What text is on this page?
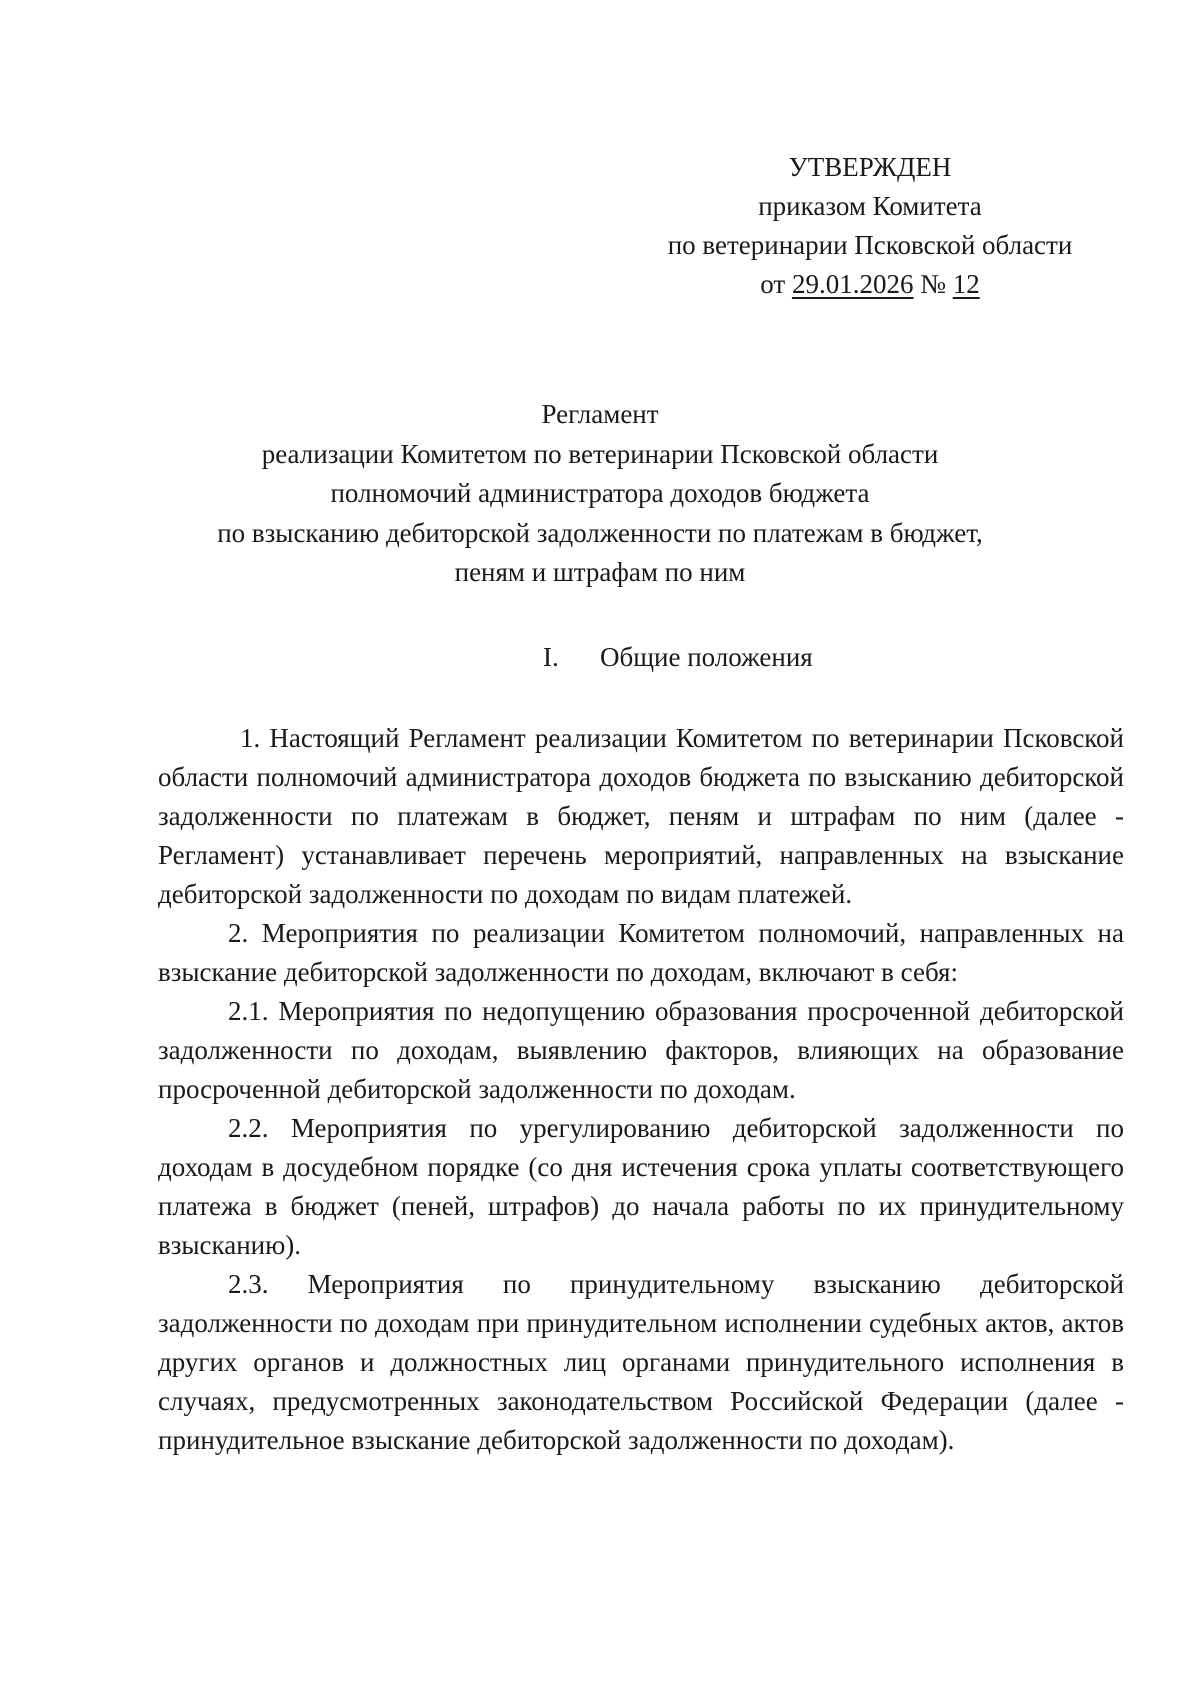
УТВЕРЖДЕН
приказом Комитета
по ветеринарии Псковской области
от 29.01.2026 № 12
Регламент
реализации Комитетом по ветеринарии Псковской области
полномочий администратора доходов бюджета
по взысканию дебиторской задолженности по платежам в бюджет,
пеням и штрафам по ним
I. Общие положения

1. Настоящий Регламент реализации Комитетом по ветеринарии Псковской области полномочий администратора доходов бюджета по взысканию дебиторской задолженности по платежам в бюджет, пеням и штрафам по ним (далее - Регламент) устанавливает перечень мероприятий, направленных на взыскание дебиторской задолженности по доходам по видам платежей.

2. Мероприятия по реализации Комитетом полномочий, направленных на взыскание дебиторской задолженности по доходам, включают в себя:

2.1. Мероприятия по недопущению образования просроченной дебиторской задолженности по доходам, выявлению факторов, влияющих на образование просроченной дебиторской задолженности по доходам.

2.2. Мероприятия по урегулированию дебиторской задолженности по доходам в досудебном порядке (со дня истечения срока уплаты соответствующего платежа в бюджет (пеней, штрафов) до начала работы по их принудительному взысканию).

2.3. Мероприятия по принудительному взысканию дебиторской задолженности по доходам при принудительном исполнении судебных актов, актов других органов и должностных лиц органами принудительного исполнения в случаях, предусмотренных законодательством Российской Федерации (далее - принудительное взыскание дебиторской задолженности по доходам).
